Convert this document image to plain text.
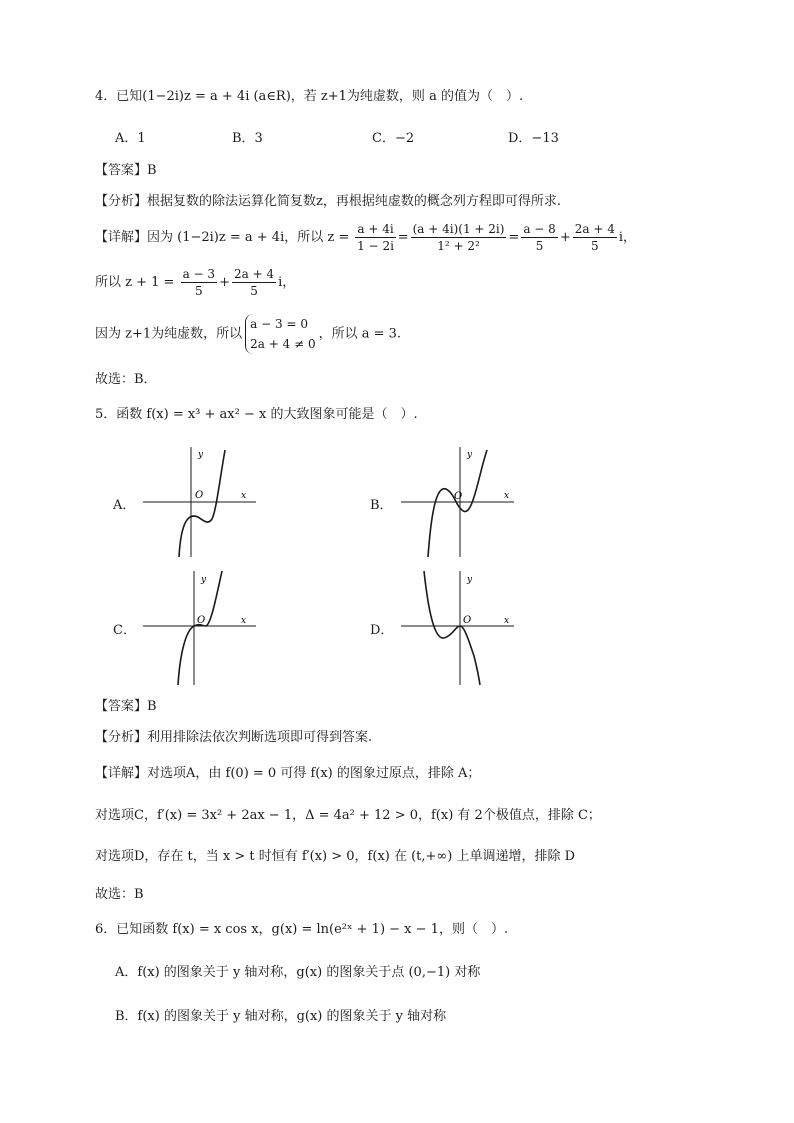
4．已知(1−2i)z = a + 4i (a∈R)，若 z+1为纯虚数，则 a 的值为（　）.
A．1	B．3	C．−2	D．−13
【答案】B
【分析】根据复数的除法运算化简复数z，再根据纯虚数的概念列方程即可得所求.
【详解】因为 (1−2i)z = a + 4i，所以 $z = \frac{a + 4i}{1 - 2i} = \frac{(a + 4i)(1 + 2i)}{\text{1² + 2²}} = \frac{a - 8}{5} + \frac{2a + 4}{5}$ i，
所以 $z + 1 = \frac{a - 3}{5} + \frac{2a + 4}{5}$ i，
因为 z+1为纯虚数，所以
a − 3 = 0
2a + 4 ≠ 0
，所以 a = 3.
故选：B．
5．函数 f(x) = x³ + ax² − x 的大致图象可能是（　）.
A．
y
x
O
B．
y
x
O
C．
y
x
O
D．
y
x
O
【答案】B
【分析】利用排除法依次判断选项即可得到答案.
【详解】对选项A，由 f(0) = 0 可得 f(x) 的图象过原点，排除 A；
对选项C，f′(x) = 3x² + 2ax − 1，Δ = 4a² + 12 > 0，f(x) 有 2个极值点，排除 C；
对选项D，存在 t，当 x > t 时恒有 f′(x) > 0，f(x) 在 (t,+∞) 上单调递增，排除 D
故选：B
6．已知函数 f(x) = x cos x，g(x) = ln(e²ˣ + 1) − x − 1，则（　）.
A．f(x) 的图象关于 y 轴对称，g(x) 的图象关于点 (0,−1) 对称
B．f(x) 的图象关于 y 轴对称，g(x) 的图象关于 y 轴对称
